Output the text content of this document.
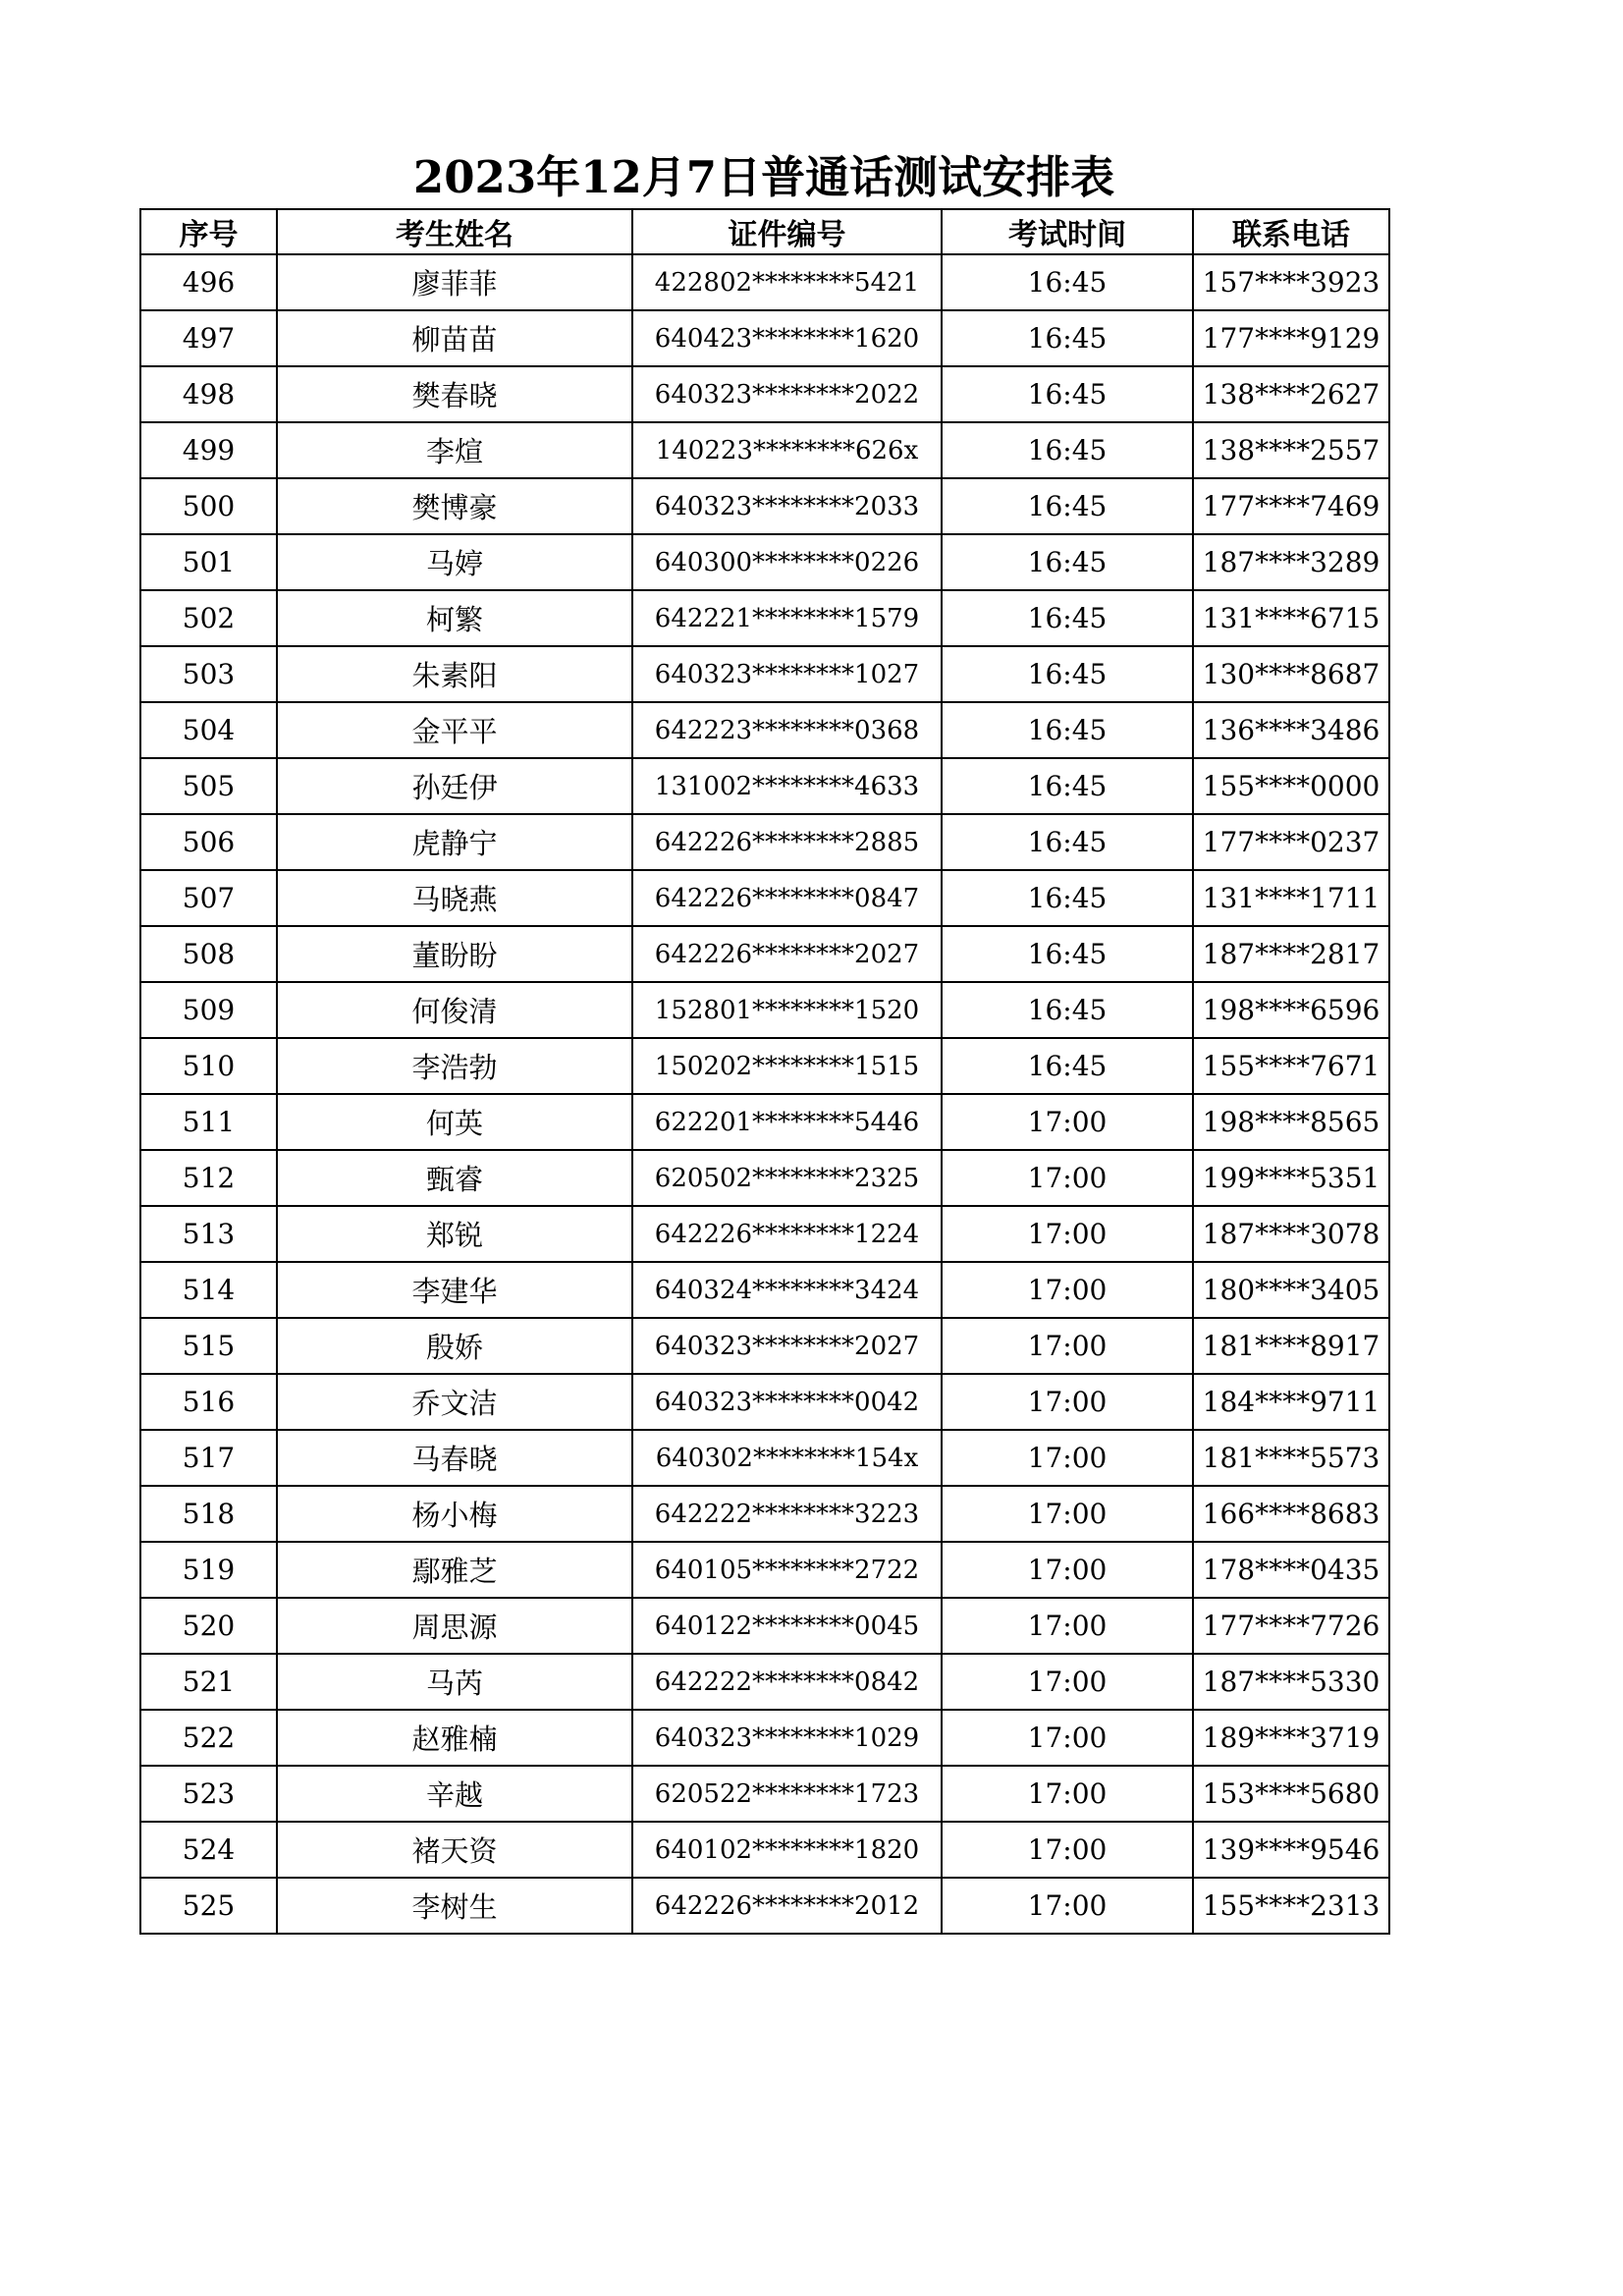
2023年12月7日普通话测试安排表
序号	考生姓名	证件编号	考试时间	联系电话
496	廖菲菲	422802********5421	16:45	157****3923
497	柳苗苗	640423********1620	16:45	177****9129
498	樊春晓	640323********2022	16:45	138****2627
499	李煊	140223********626x	16:45	138****2557
500	樊博豪	640323********2033	16:45	177****7469
501	马婷	640300********0226	16:45	187****3289
502	柯繁	642221********1579	16:45	131****6715
503	朱素阳	640323********1027	16:45	130****8687
504	金平平	642223********0368	16:45	136****3486
505	孙廷伊	131002********4633	16:45	155****0000
506	虎静宁	642226********2885	16:45	177****0237
507	马晓燕	642226********0847	16:45	131****1711
508	董盼盼	642226********2027	16:45	187****2817
509	何俊清	152801********1520	16:45	198****6596
510	李浩勃	150202********1515	16:45	155****7671
511	何英	622201********5446	17:00	198****8565
512	甄睿	620502********2325	17:00	199****5351
513	郑锐	642226********1224	17:00	187****3078
514	李建华	640324********3424	17:00	180****3405
515	殷娇	640323********2027	17:00	181****8917
516	乔文洁	640323********0042	17:00	184****9711
517	马春晓	640302********154x	17:00	181****5573
518	杨小梅	642222********3223	17:00	166****8683
519	鄢雅芝	640105********2722	17:00	178****0435
520	周思源	640122********0045	17:00	177****7726
521	马芮	642222********0842	17:00	187****5330
522	赵雅楠	640323********1029	17:00	189****3719
523	辛越	620522********1723	17:00	153****5680
524	褚天资	640102********1820	17:00	139****9546
525	李树生	642226********2012	17:00	155****2313
